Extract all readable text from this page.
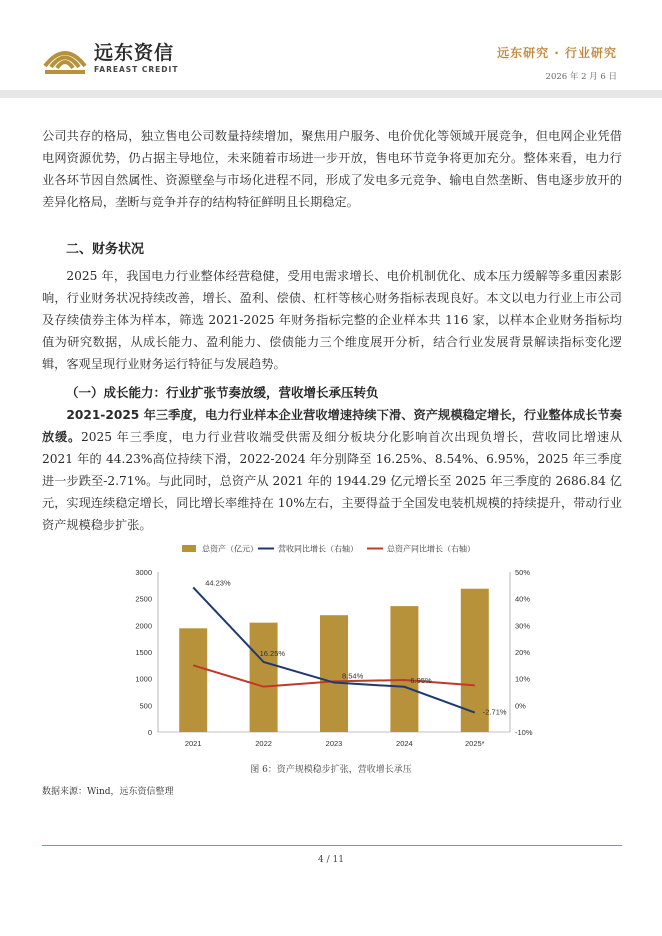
远东资信
FAREAST CREDIT
远东研究 · 行业研究
2026 年 2 月 6 日

公司共存的格局，独立售电公司数量持续增加，聚焦用户服务、电价优化等领域开展竞争，但电网企业凭借电网资源优势，仍占据主导地位，未来随着市场进一步开放，售电环节竞争将更加充分。整体来看，电力行业各环节因自然属性、资源壁垒与市场化进程不同，形成了发电多元竞争、输电自然垄断、售电逐步放开的差异化格局，垄断与竞争并存的结构特征鲜明且长期稳定。

二、财务状况

2025 年，我国电力行业整体经营稳健，受用电需求增长、电价机制优化、成本压力缓解等多重因素影响，行业财务状况持续改善，增长、盈利、偿债、杠杆等核心财务指标表现良好。本文以电力行业上市公司及存续债券主体为样本，筛选 2021-2025 年财务指标完整的企业样本共 116 家，以样本企业财务指标均值为研究数据，从成长能力、盈利能力、偿债能力三个维度展开分析，结合行业发展背景解读指标变化逻辑，客观呈现行业财务运行特征与发展趋势。

（一）成长能力：行业扩张节奏放缓，营收增长承压转负

2021-2025 年三季度，电力行业样本企业营收增速持续下滑、资产规模稳定增长，行业整体成长节奏放缓。2025 年三季度，电力行业营收端受供需及细分板块分化影响首次出现负增长，营收同比增速从 2021 年的 44.23%高位持续下滑，2022-2024 年分别降至 16.25%、8.54%、6.95%，2025 年三季度进一步跌至-2.71%。与此同时，总资产从 2021 年的 1944.29 亿元增长至 2025 年三季度的 2686.84 亿元，实现连续稳定增长，同比增长率维持在 10%左右，主要得益于全国发电装机规模的持续提升，带动行业资产规模稳步扩张。

总资产（亿元）	营收同比增长（右轴）	总资产同比增长（右轴）
0
500
1000
1500
2000
2500
3000
-10%
0%
10%
20%
30%
40%
50%
2021	2022	2023	2024	2025*
44.23%
16.25%
8.54%	6.95%
-2.71%
图 6：资产规模稳步扩张，营收增长承压
数据来源：Wind，远东资信整理
4 / 11
